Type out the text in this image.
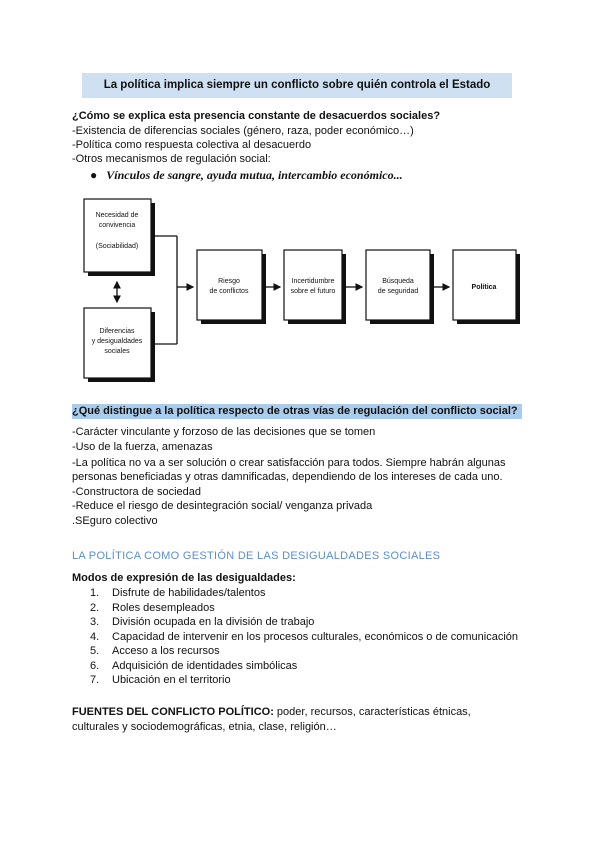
La política implica siempre un conflicto sobre quién controla el Estado
¿Cómo se explica esta presencia constante de desacuerdos sociales?
-Existencia de diferencias sociales (género, raza, poder económico…)
-Política como respuesta colectiva al desacuerdo
-Otros mecanismos de regulación social:
●   Vínculos de sangre, ayuda mutua, intercambio económico...
Necesidad de
convivencia
(Sociabilidad)
Diferencias
y desigualdades
sociales
Riesgo
de conflictos
Incertidumbre
sobre el futuro
Búsqueda
de seguridad
Política
¿Qué distingue a la política respecto de otras vías de regulación del conflicto social?
-Carácter vinculante y forzoso de las decisiones que se tomen
-Uso de la fuerza, amenazas
-La política no va a ser solución o crear satisfacción para todos. Siempre habrán algunas
personas beneficiadas y otras damnificadas, dependiendo de los intereses de cada uno.
-Constructora de sociedad
-Reduce el riesgo de desintegración social/ venganza privada
.SEguro colectivo
LA POLÍTICA COMO GESTIÓN DE LAS DESIGUALDADES SOCIALES
Modos de expresión de las desigualdades:
1. Disfrute de habilidades/talentos
2. Roles desempleados
3. División ocupada en la división de trabajo
4. Capacidad de intervenir en los procesos culturales, económicos o de comunicación
5. Acceso a los recursos
6. Adquisición de identidades simbólicas
7. Ubicación en el territorio
FUENTES DEL CONFLICTO POLÍTICO: poder, recursos, características étnicas,
culturales y sociodemográficas, etnia, clase, religión…
